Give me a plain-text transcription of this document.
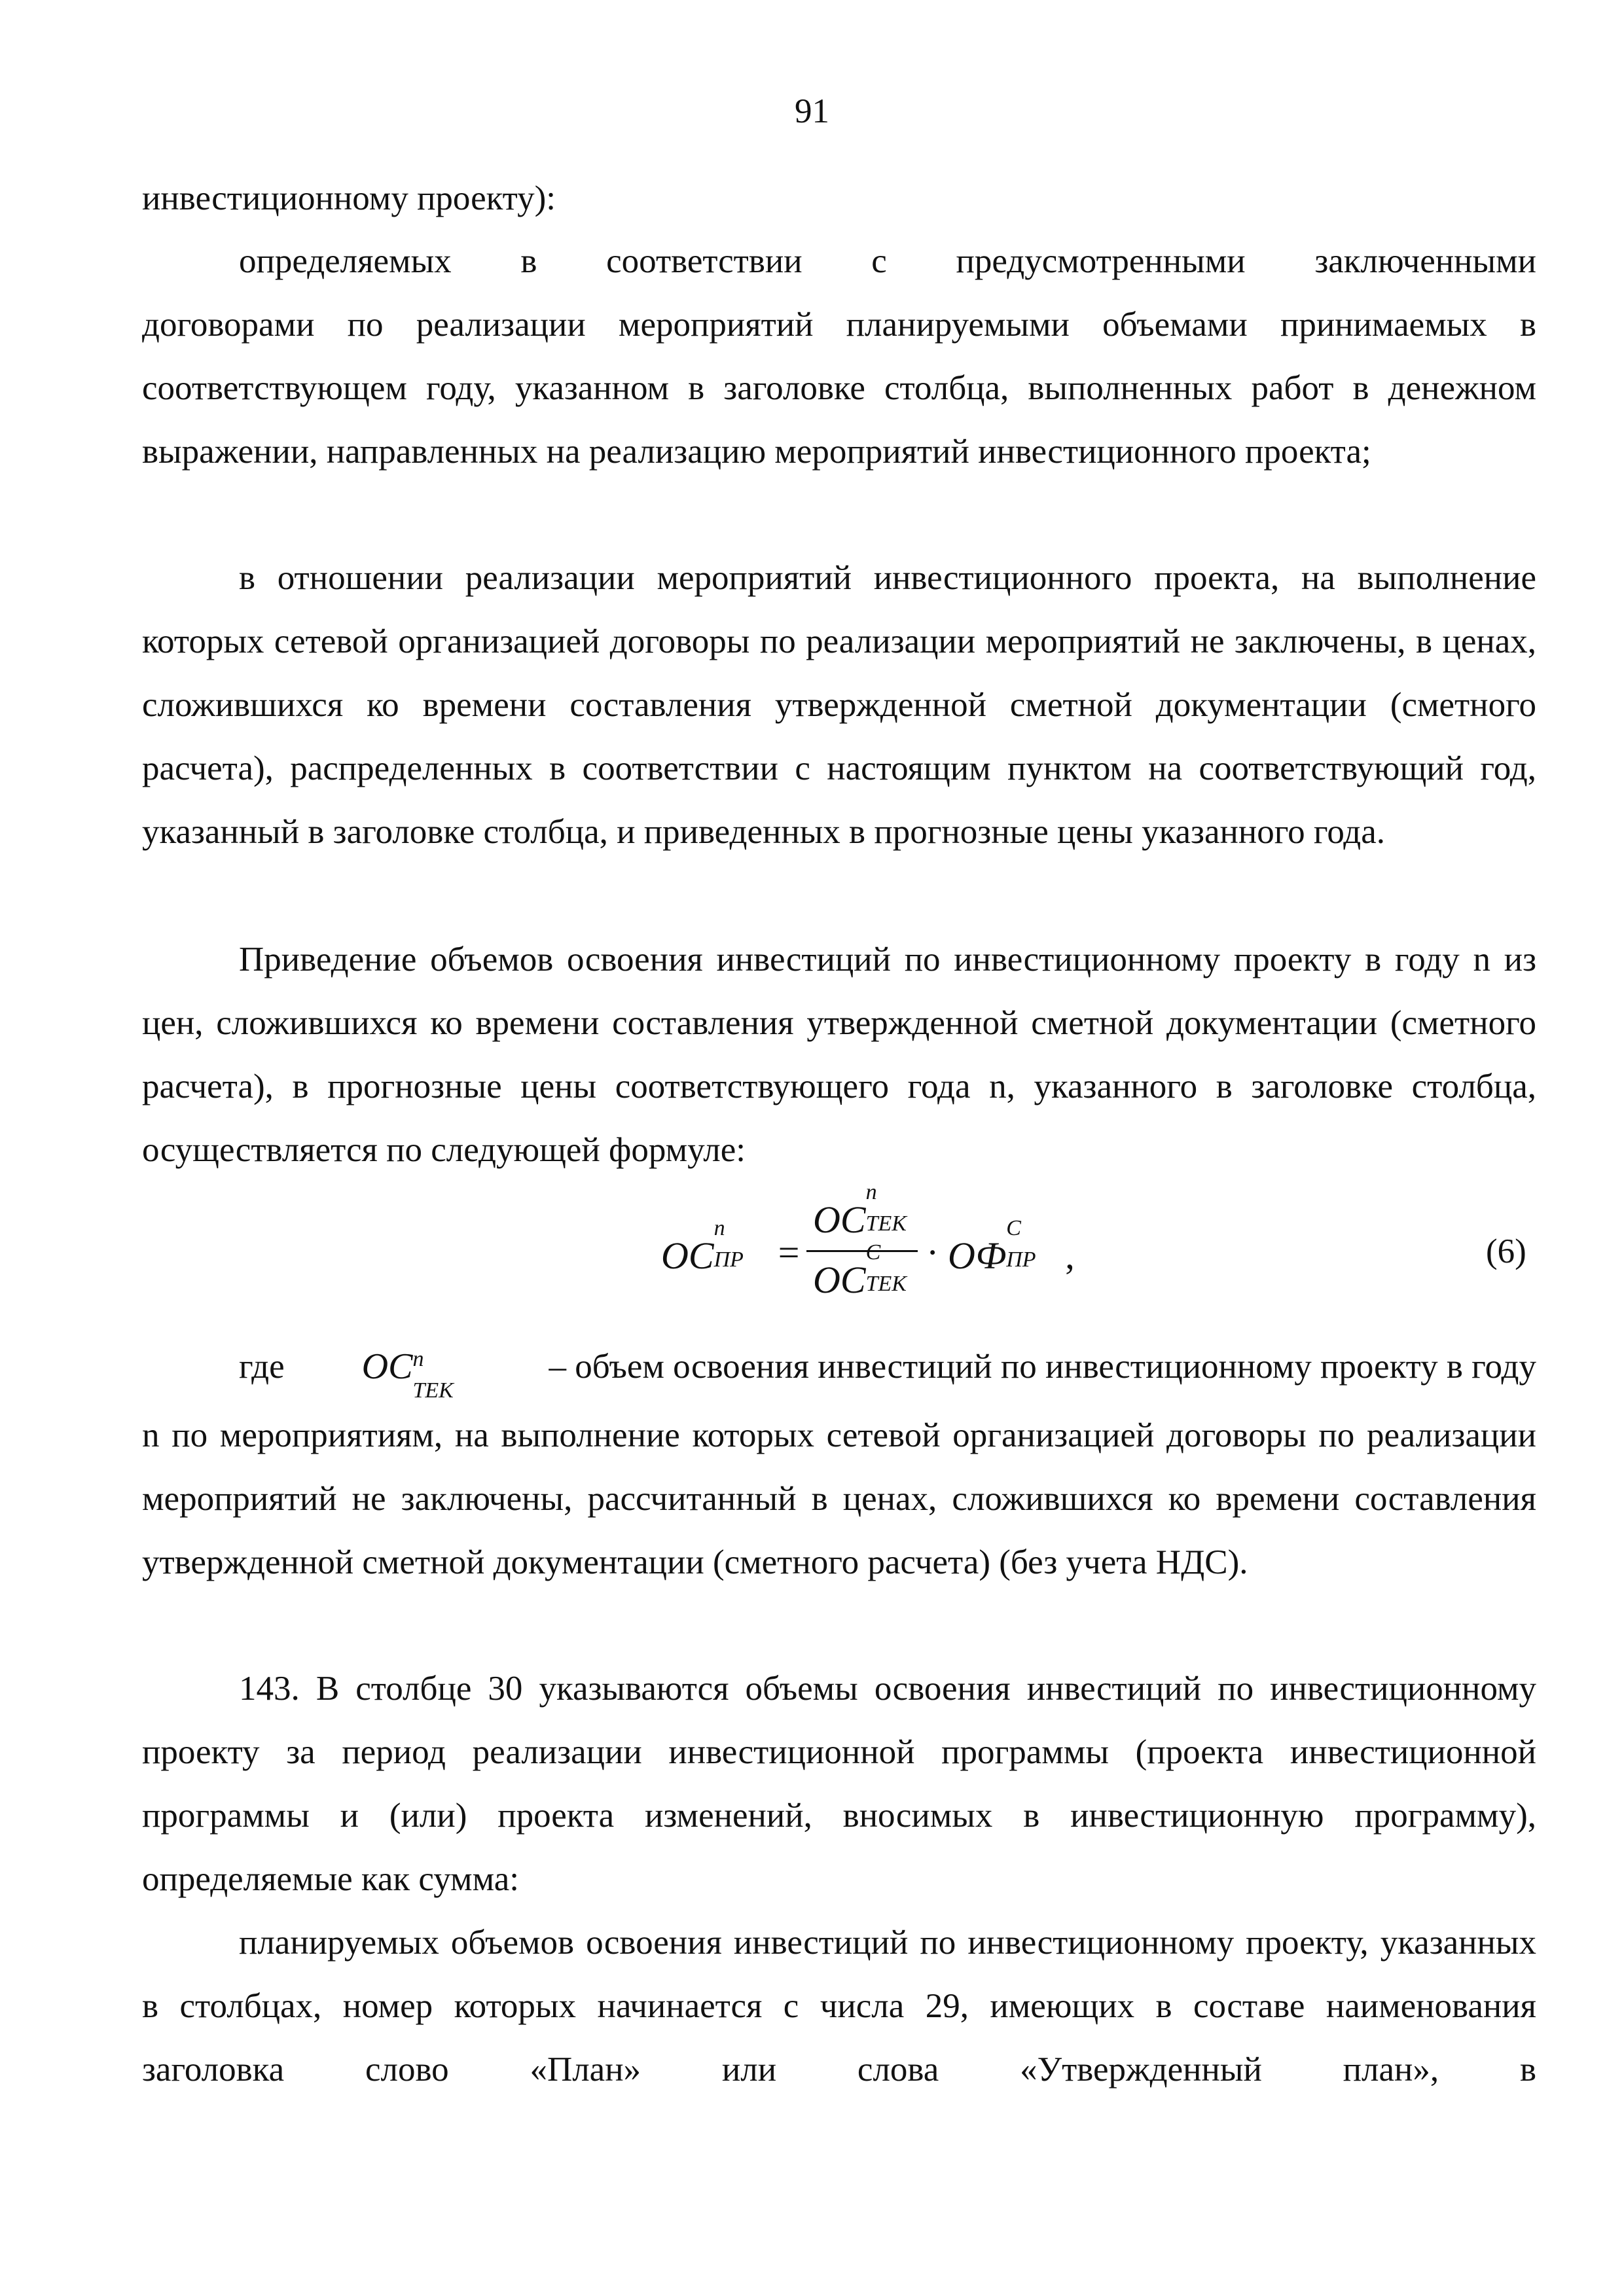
91
инвестиционному проекту):
определяемых в соответствии с предусмотренными заключенными
договорами по реализации мероприятий планируемыми объемами принимаемых в соответствующем году, указанном в заголовке столбца, выполненных работ в денежном выражении, направленных на реализацию мероприятий инвестиционного проекта;
в отношении реализации мероприятий инвестиционного проекта, на выполнение которых сетевой организацией договоры по реализации мероприятий не заключены, в ценах, сложившихся ко времени составления утвержденной сметной документации (сметного расчета), распределенных в соответствии с настоящим пунктом на соответствующий год, указанный в заголовке столбца, и приведенных в прогнозные цены указанного года.
Приведение объемов освоения инвестиций по инвестиционному проекту в году n из цен, сложившихся ко времени составления утвержденной сметной документации (сметного расчета), в прогнозные цены соответствующего года n, указанного в заголовке столбца, осуществляется по следующей формуле:
ОС
n
ПР =
ОС
n
ТЕК
ОС
С
ТЕК
· ОФ
С
ПР ,	(6)
где ОС n
ТЕК
– объем освоения инвестиций по инвестиционному проекту в году
n по мероприятиям, на выполнение которых сетевой организацией договоры по реализации мероприятий не заключены, рассчитанный в ценах, сложившихся ко времени составления утвержденной сметной документации (сметного расчета) (без учета НДС).
143. В столбце 30 указываются объемы освоения инвестиций по инвестиционному проекту за период реализации инвестиционной программы (проекта инвестиционной программы и (или) проекта изменений, вносимых в инвестиционную программу), определяемые как сумма:
планируемых объемов освоения инвестиций по инвестиционному проекту, указанных в столбцах, номер которых начинается с числа 29, имеющих в составе наименования заголовка слово «План» или слова «Утвержденный план», в
